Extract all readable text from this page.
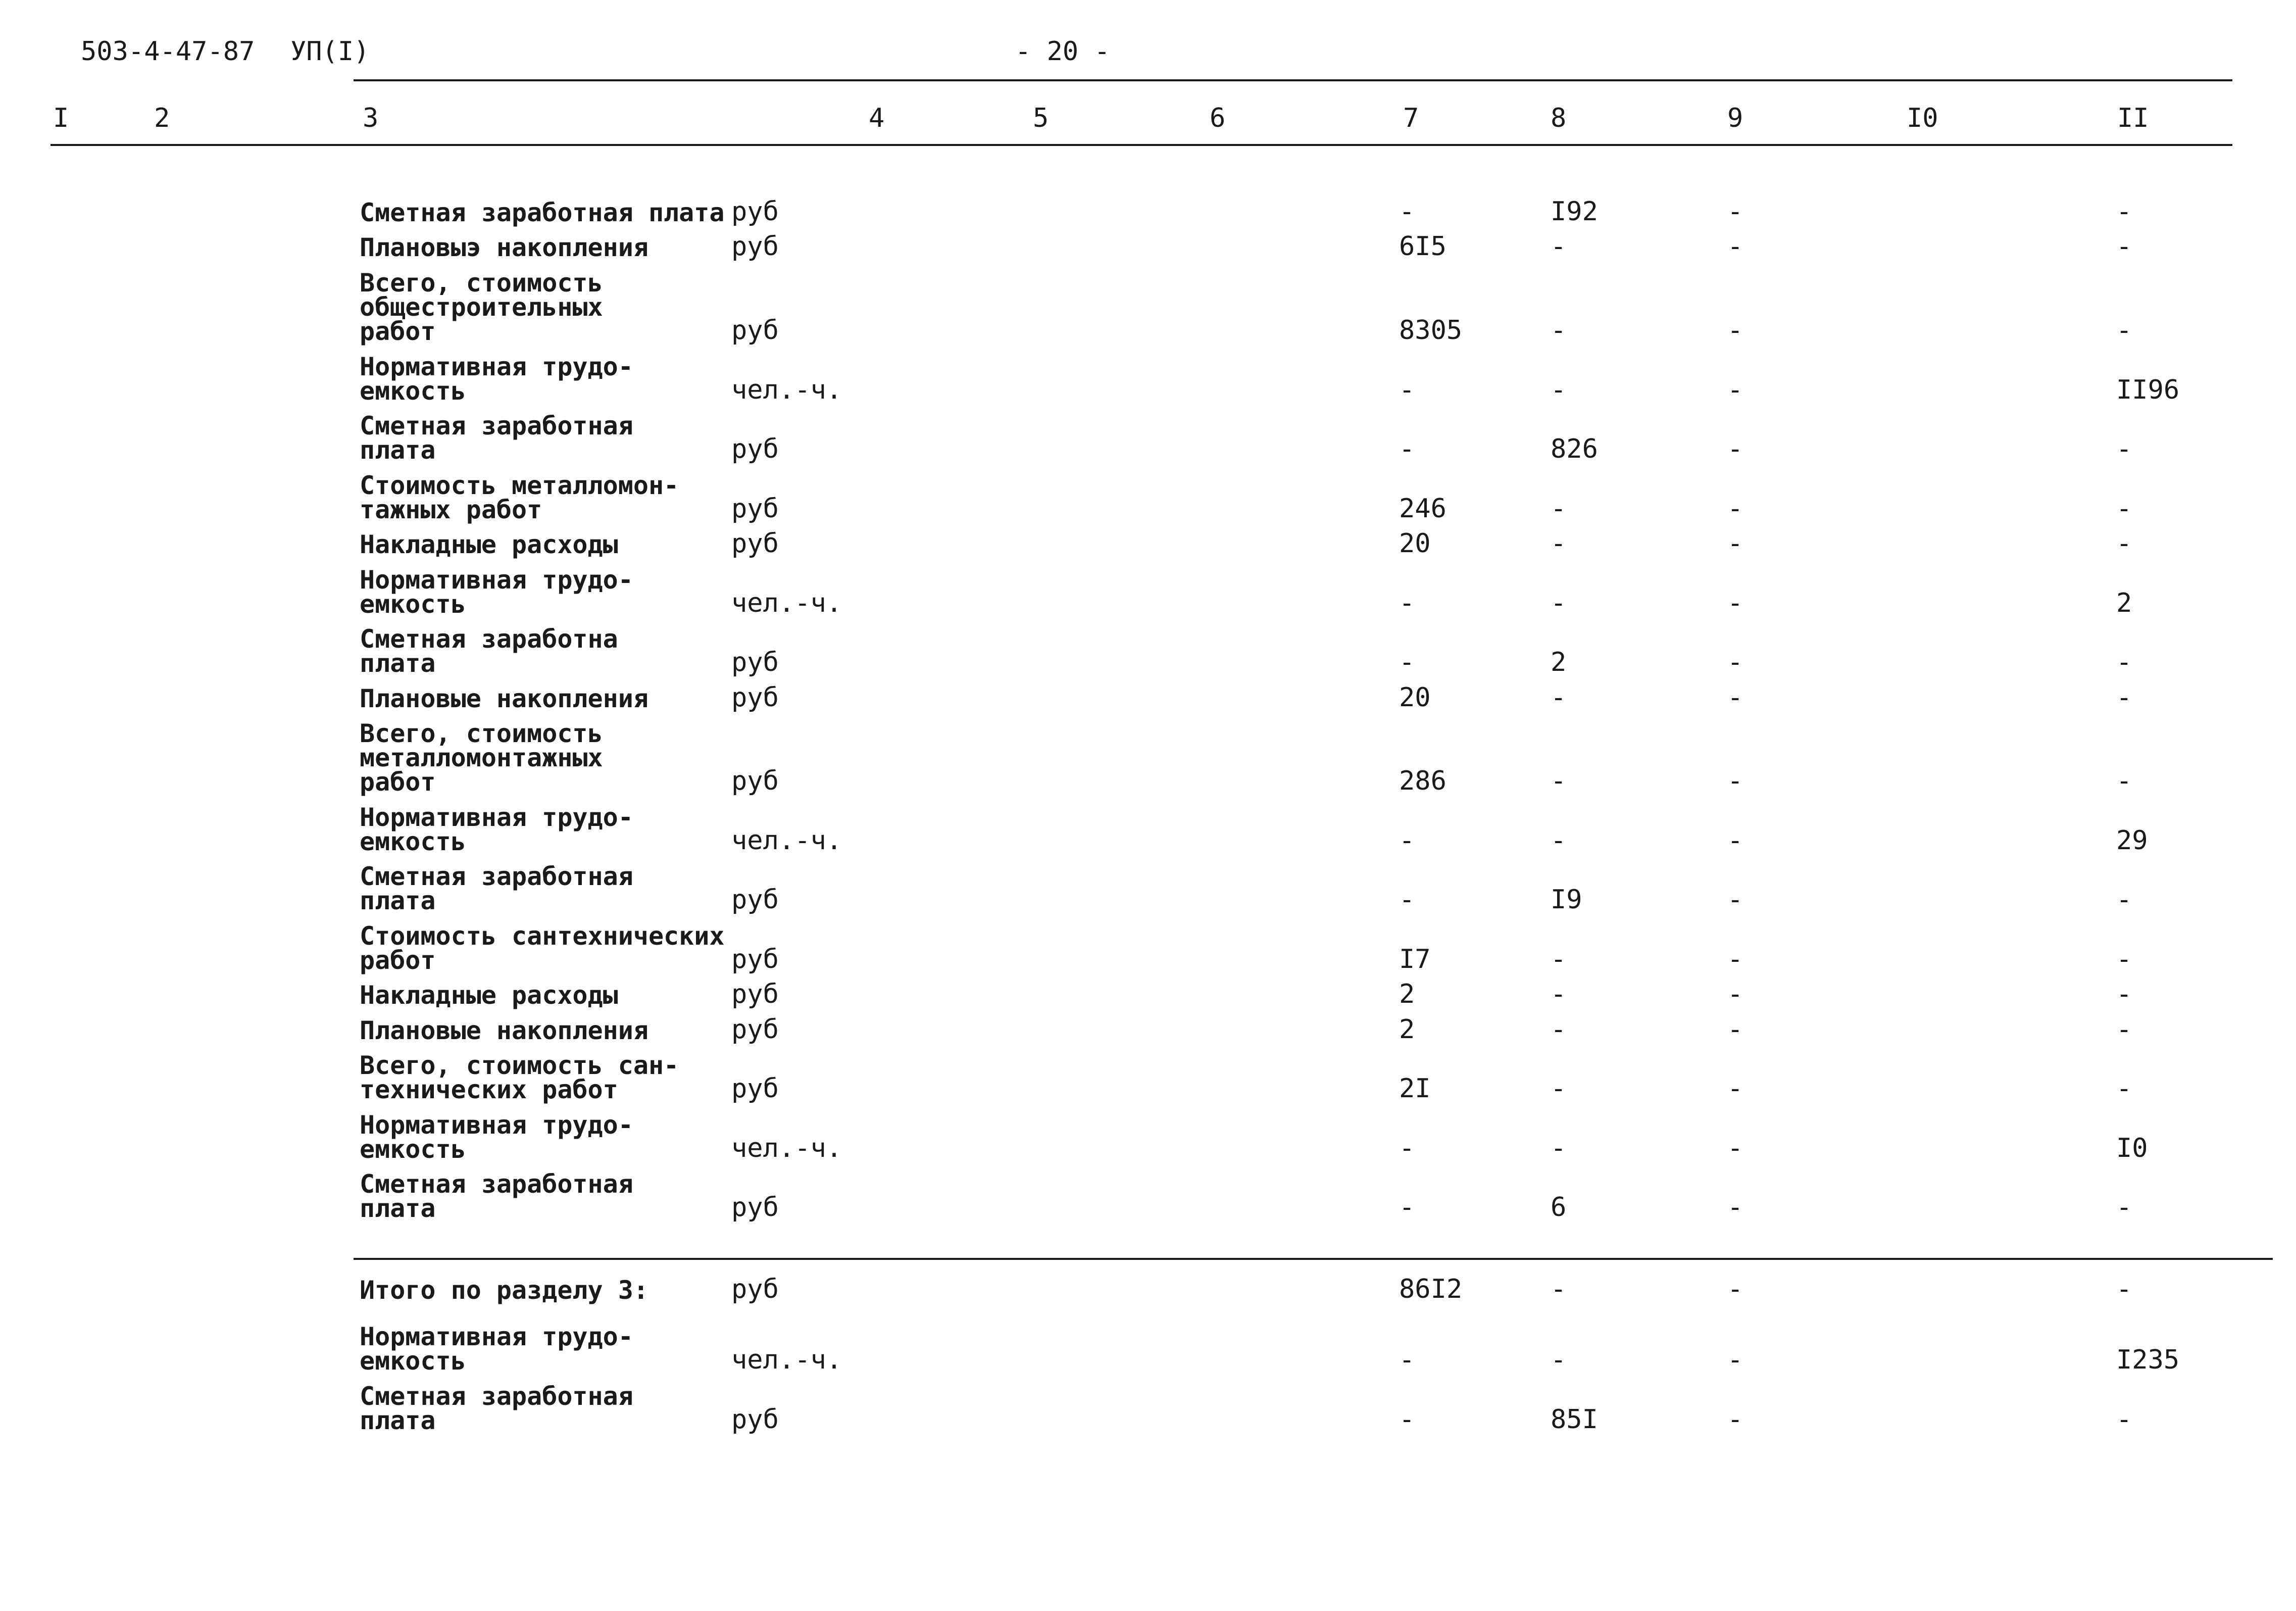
503-4-47-87 УП(I)	- 20 -
I	2	3	4	5	6	7	8	9	I0	II
Сметная заработная плата руб	-	I92	-	-
Плановыэ накопления	руб	6I5	-	-	-
Всего, стоимость
общестроительных
работ	руб	8305	-	-	-
Нормативная трудо-
емкость	чел.-ч.	-	-	-	II96
Сметная заработная
плата	руб	-	826	-	-
Стоимость металломон-
тажных работ	руб	246	-	-	-
Накладные расходы	руб	20	-	-	-
Нормативная трудо-
емкость	чел.-ч.	-	-	-	2
Сметная заработна
плата	руб	-	2	-	-
Плановые накопления	руб	20	-	-	-
Всего, стоимость
металломонтажных
работ	руб	286	-	-	-
Нормативная трудо-
емкость	чел.-ч.	-	-	-	29
Сметная заработная
плата	руб	-	I9	-	-
Стоимость сантехнических
работ	руб	I7	-	-	-
Накладные расходы	руб	2	-	-	-
Плановые накопления	руб	2	-	-	-
Всего, стоимость сан-
технических работ	руб	2I	-	-	-
Нормативная трудо-
емкость	чел.-ч.	-	-	-	I0
Сметная заработная
плата	руб	-	6	-	-
Итого по разделу 3:	руб	86I2	-	-	-
Нормативная трудо-
емкость	чел.-ч.	-	-	-	I235
Сметная заработная
плата	руб	-	85I	-	-
